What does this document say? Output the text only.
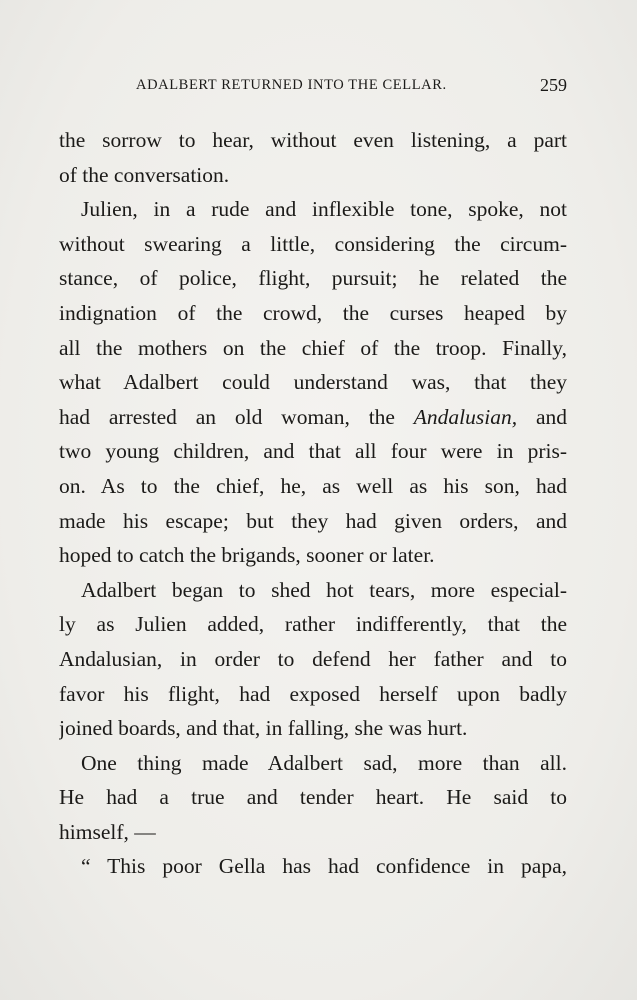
ADALBERT RETURNED INTO THE CELLAR.	259
the sorrow to hear, without even listening, a part
of the conversation.
Julien, in a rude and inflexible tone, spoke, not
without swearing a little, considering the circum-
stance, of police, flight, pursuit; he related the
indignation of the crowd, the curses heaped by
all the mothers on the chief of the troop. Finally,
what Adalbert could understand was, that they
had arrested an old woman, the Andalusian, and
two young children, and that all four were in pris-
on. As to the chief, he, as well as his son, had
made his escape; but they had given orders, and
hoped to catch the brigands, sooner or later.
Adalbert began to shed hot tears, more especial-
ly as Julien added, rather indifferently, that the
Andalusian, in order to defend her father and to
favor his flight, had exposed herself upon badly
joined boards, and that, in falling, she was hurt.
One thing made Adalbert sad, more than all.
He had a true and tender heart. He said to
himself, —
“ This poor Gella has had confidence in papa,
